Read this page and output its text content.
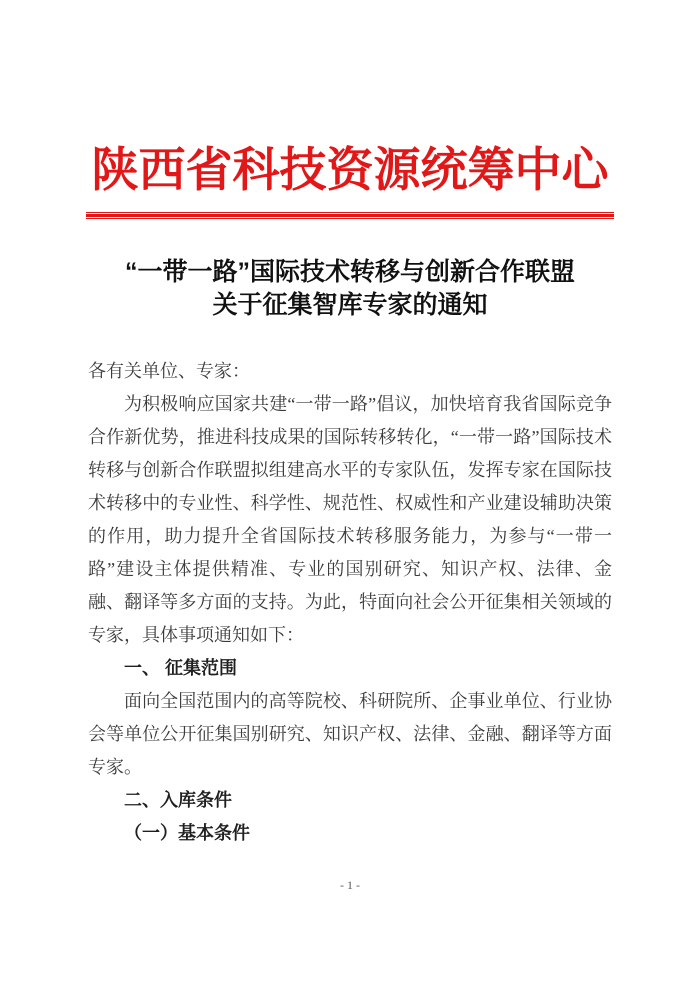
陕西省科技资源统筹中心
“一带一路”国际技术转移与创新合作联盟
关于征集智库专家的通知

各有关单位、专家：

为积极响应国家共建“一带一路”倡议，加快培育我省国际竞争合作新优势，推进科技成果的国际转移转化，“一带一路”国际技术转移与创新合作联盟拟组建高水平的专家队伍，发挥专家在国际技术转移中的专业性、科学性、规范性、权威性和产业建设辅助决策的作用，助力提升全省国际技术转移服务能力，为参与“一带一路”建设主体提供精准、专业的国别研究、知识产权、法律、金融、翻译等多方面的支持。为此，特面向社会公开征集相关领域的专家，具体事项通知如下：

一、 征集范围

面向全国范围内的高等院校、科研院所、企事业单位、行业协会等单位公开征集国别研究、知识产权、法律、金融、翻译等方面专家。

二、入库条件

（一）基本条件

- 1 -
